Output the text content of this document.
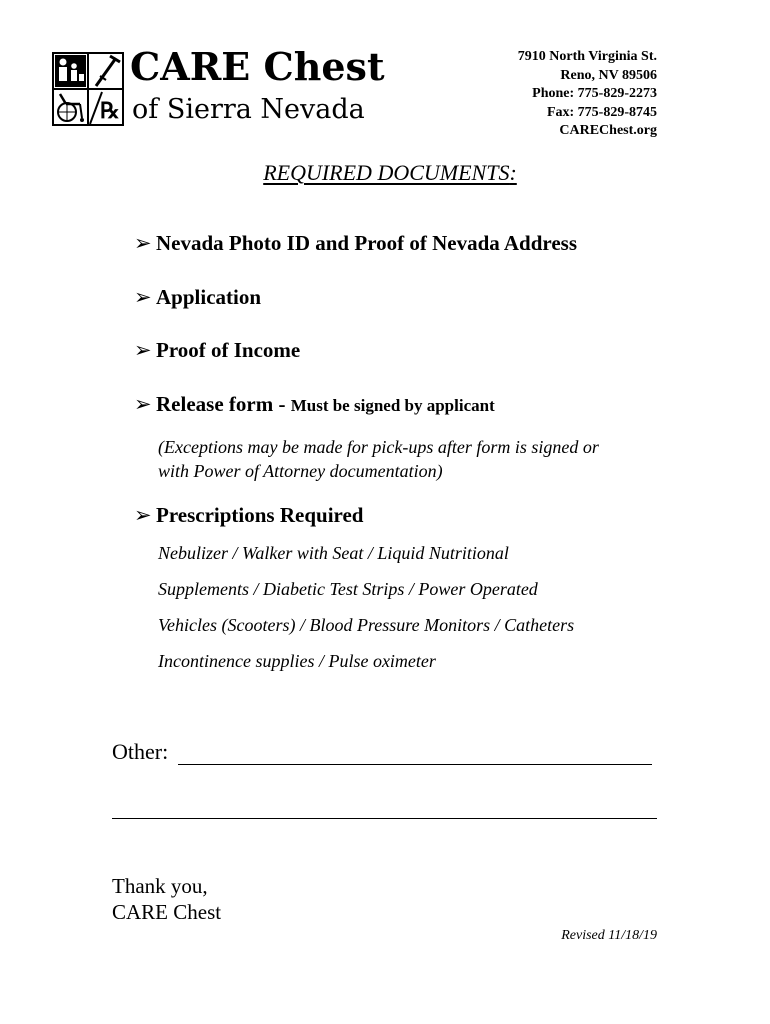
℞
CARE Chest
of Sierra Nevada
7910 North Virginia St.
Reno, NV 89506
Phone: 775-829-2273
Fax: 775-829-8745
CAREChest.org
REQUIRED DOCUMENTS:
➢ Nevada Photo ID and Proof of Nevada Address
➢ Application
➢ Proof of Income
➢ Release form - Must be signed by applicant
(Exceptions may be made for pick-ups after form is signed or
with Power of Attorney documentation)
➢ Prescriptions Required
Nebulizer / Walker with Seat / Liquid Nutritional
Supplements / Diabetic Test Strips / Power Operated
Vehicles (Scooters) / Blood Pressure Monitors / Catheters
Incontinence supplies / Pulse oximeter
Other:
Thank you,
CARE Chest
Revised 11/18/19
